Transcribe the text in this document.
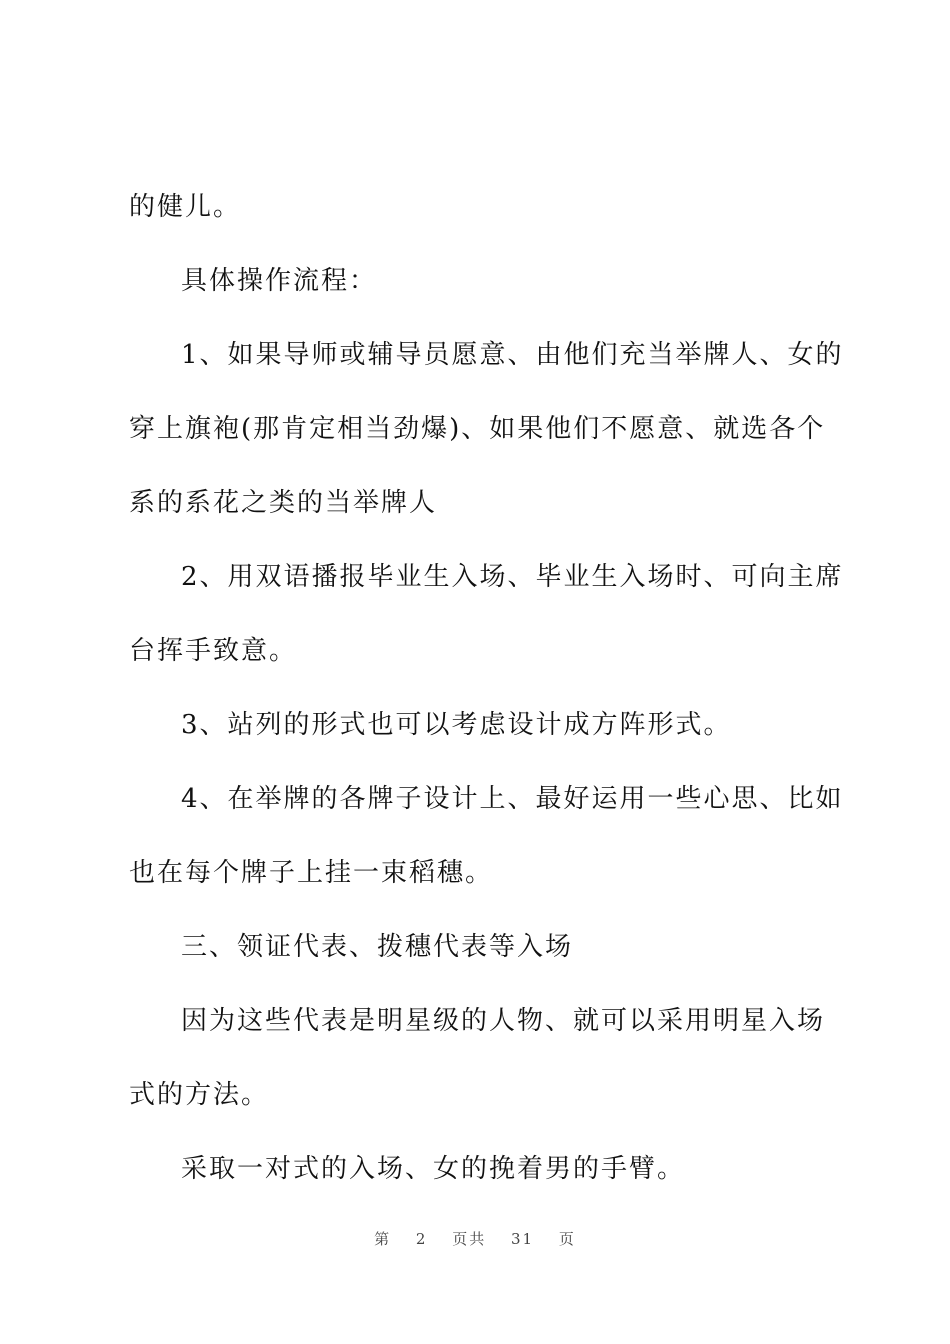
的健儿。

具体操作流程：

1、如果导师或辅导员愿意、由他们充当举牌人、女的穿上旗袍(那肯定相当劲爆)、如果他们不愿意、就选各个系的系花之类的当举牌人

2、用双语播报毕业生入场、毕业生入场时、可向主席台挥手致意。

3、站列的形式也可以考虑设计成方阵形式。

4、在举牌的各牌子设计上、最好运用一些心思、比如也在每个牌子上挂一束稻穗。

三、领证代表、拨穗代表等入场

因为这些代表是明星级的人物、就可以采用明星入场式的方法。

采取一对式的入场、女的挽着男的手臂。

第 2 页共 31 页
